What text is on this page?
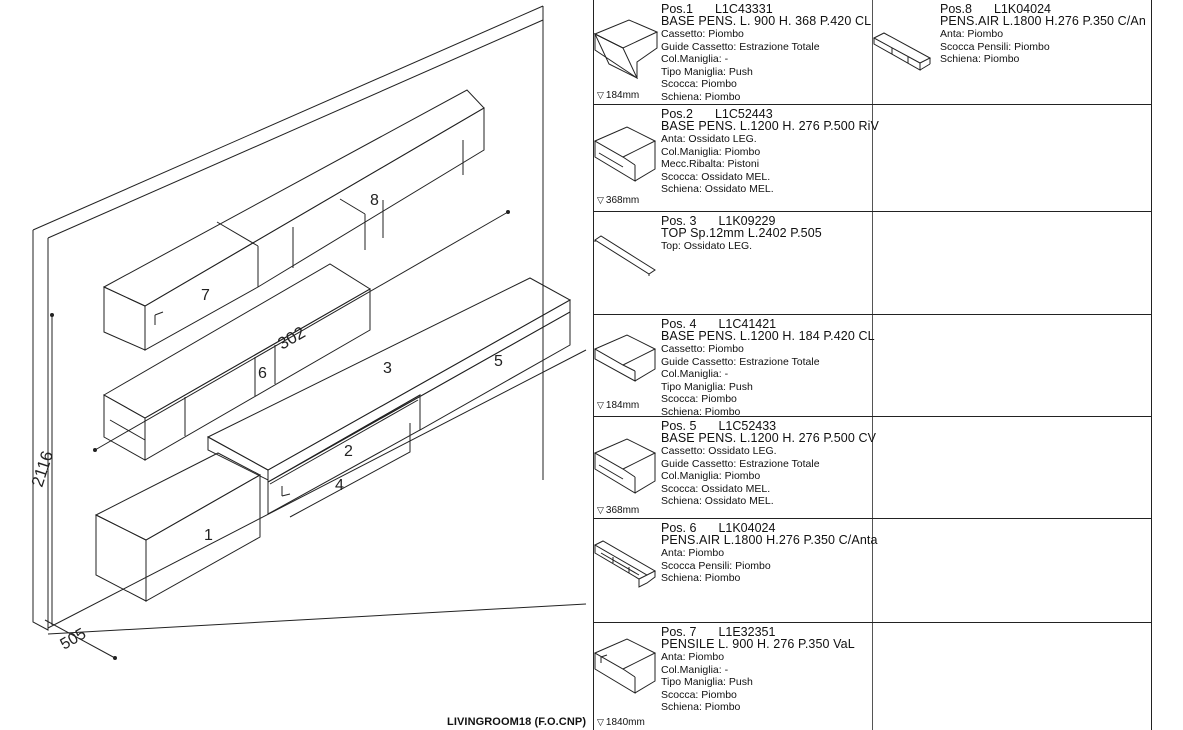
7
8
6	3	5
2
4
1
2116
505
302
LIVINGROOM18 (F.O.CNP)
▽ 184mm
Pos.1 L1C43331
BASE PENS. L. 900 H. 368 P.420 CL
Cassetto: Piombo
Guide Cassetto: Estrazione Totale
Col.Maniglia: -
Tipo Maniglia: Push
Scocca: Piombo
Schiena: Piombo
Pos.8 L1K04024
PENS.AIR L.1800 H.276 P.350 C/An
Anta: Piombo
Scocca Pensili: Piombo
Schiena: Piombo
▽ 368mm
Pos.2 L1C52443
BASE PENS. L.1200 H. 276 P.500 RiV
Anta: Ossidato LEG.
Col.Maniglia: Piombo
Mecc.Ribalta: Pistoni
Scocca: Ossidato MEL.
Schiena: Ossidato MEL.
Pos. 3 L1K09229
TOP Sp.12mm L.2402 P.505
Top: Ossidato LEG.
▽ 184mm
Pos. 4 L1C41421
BASE PENS. L.1200 H. 184 P.420 CL
Cassetto: Piombo
Guide Cassetto: Estrazione Totale
Col.Maniglia: -
Tipo Maniglia: Push
Scocca: Piombo
Schiena: Piombo
▽ 368mm
Pos. 5 L1C52433
BASE PENS. L.1200 H. 276 P.500 CV
Cassetto: Ossidato LEG.
Guide Cassetto: Estrazione Totale
Col.Maniglia: Piombo
Scocca: Ossidato MEL.
Schiena: Ossidato MEL.
Pos. 6 L1K04024
PENS.AIR L.1800 H.276 P.350 C/Anta
Anta: Piombo
Scocca Pensili: Piombo
Schiena: Piombo
▽ 1840mm
Pos. 7 L1E32351
PENSILE L. 900 H. 276 P.350 VaL
Anta: Piombo
Col.Maniglia: -
Tipo Maniglia: Push
Scocca: Piombo
Schiena: Piombo
